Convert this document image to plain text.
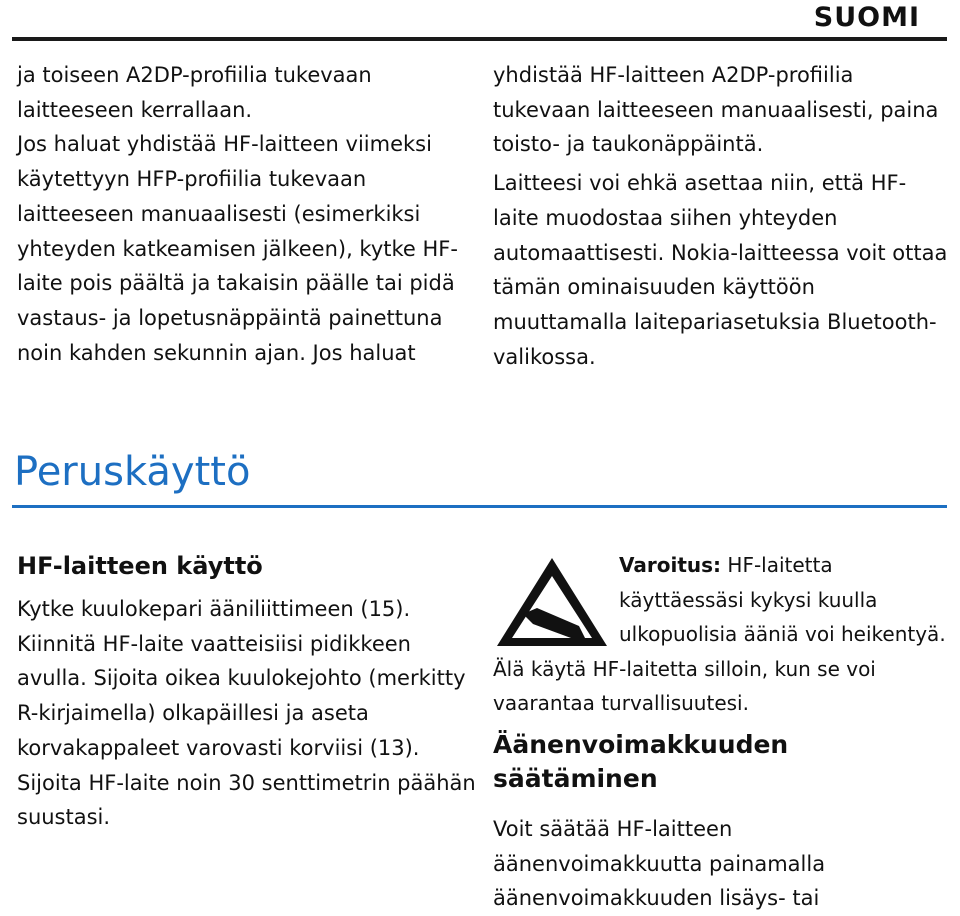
SUOMI

ja toiseen A2DP-profiilia tukevaan laitteeseen kerrallaan.

Jos haluat yhdistää HF-laitteen viimeksi käytettyyn HFP-profiilia tukevaan laitteeseen manuaalisesti (esimerkiksi yhteyden katkeamisen jälkeen), kytke HF-laite pois päältä ja takaisin päälle tai pidä vastaus- ja lopetusnäppäintä painettuna noin kahden sekunnin ajan. Jos haluat

yhdistää HF-laitteen A2DP-profiilia tukevaan laitteeseen manuaalisesti, paina toisto- ja taukonäppäintä.

Laitteesi voi ehkä asettaa niin, että HF-laite muodostaa siihen yhteyden automaattisesti. Nokia-laitteessa voit ottaa tämän ominaisuuden käyttöön muuttamalla laitepariasetuksia Bluetooth-valikossa.

Peruskäyttö
HF-laitteen käyttö

Kytke kuulokepari ääniliittimeen (15).

Kiinnitä HF-laite vaatteisiisi pidikkeen avulla. Sijoita oikea kuulokejohto (merkitty R-kirjaimella) olkapäillesi ja aseta korvakappaleet varovasti korviisi (13). Sijoita HF-laite noin 30 senttimetrin päähän suustasi.

Varoitus: HF-laitetta käyttäessäsi kykysi kuulla ulkopuolisia ääniä voi heikentyä. Älä käytä HF-laitetta silloin, kun se voi vaarantaa turvallisuutesi.

Äänenvoimakkuuden säätäminen

Voit säätää HF-laitteen äänenvoimakkuutta painamalla äänenvoimakkuuden lisäys- tai
